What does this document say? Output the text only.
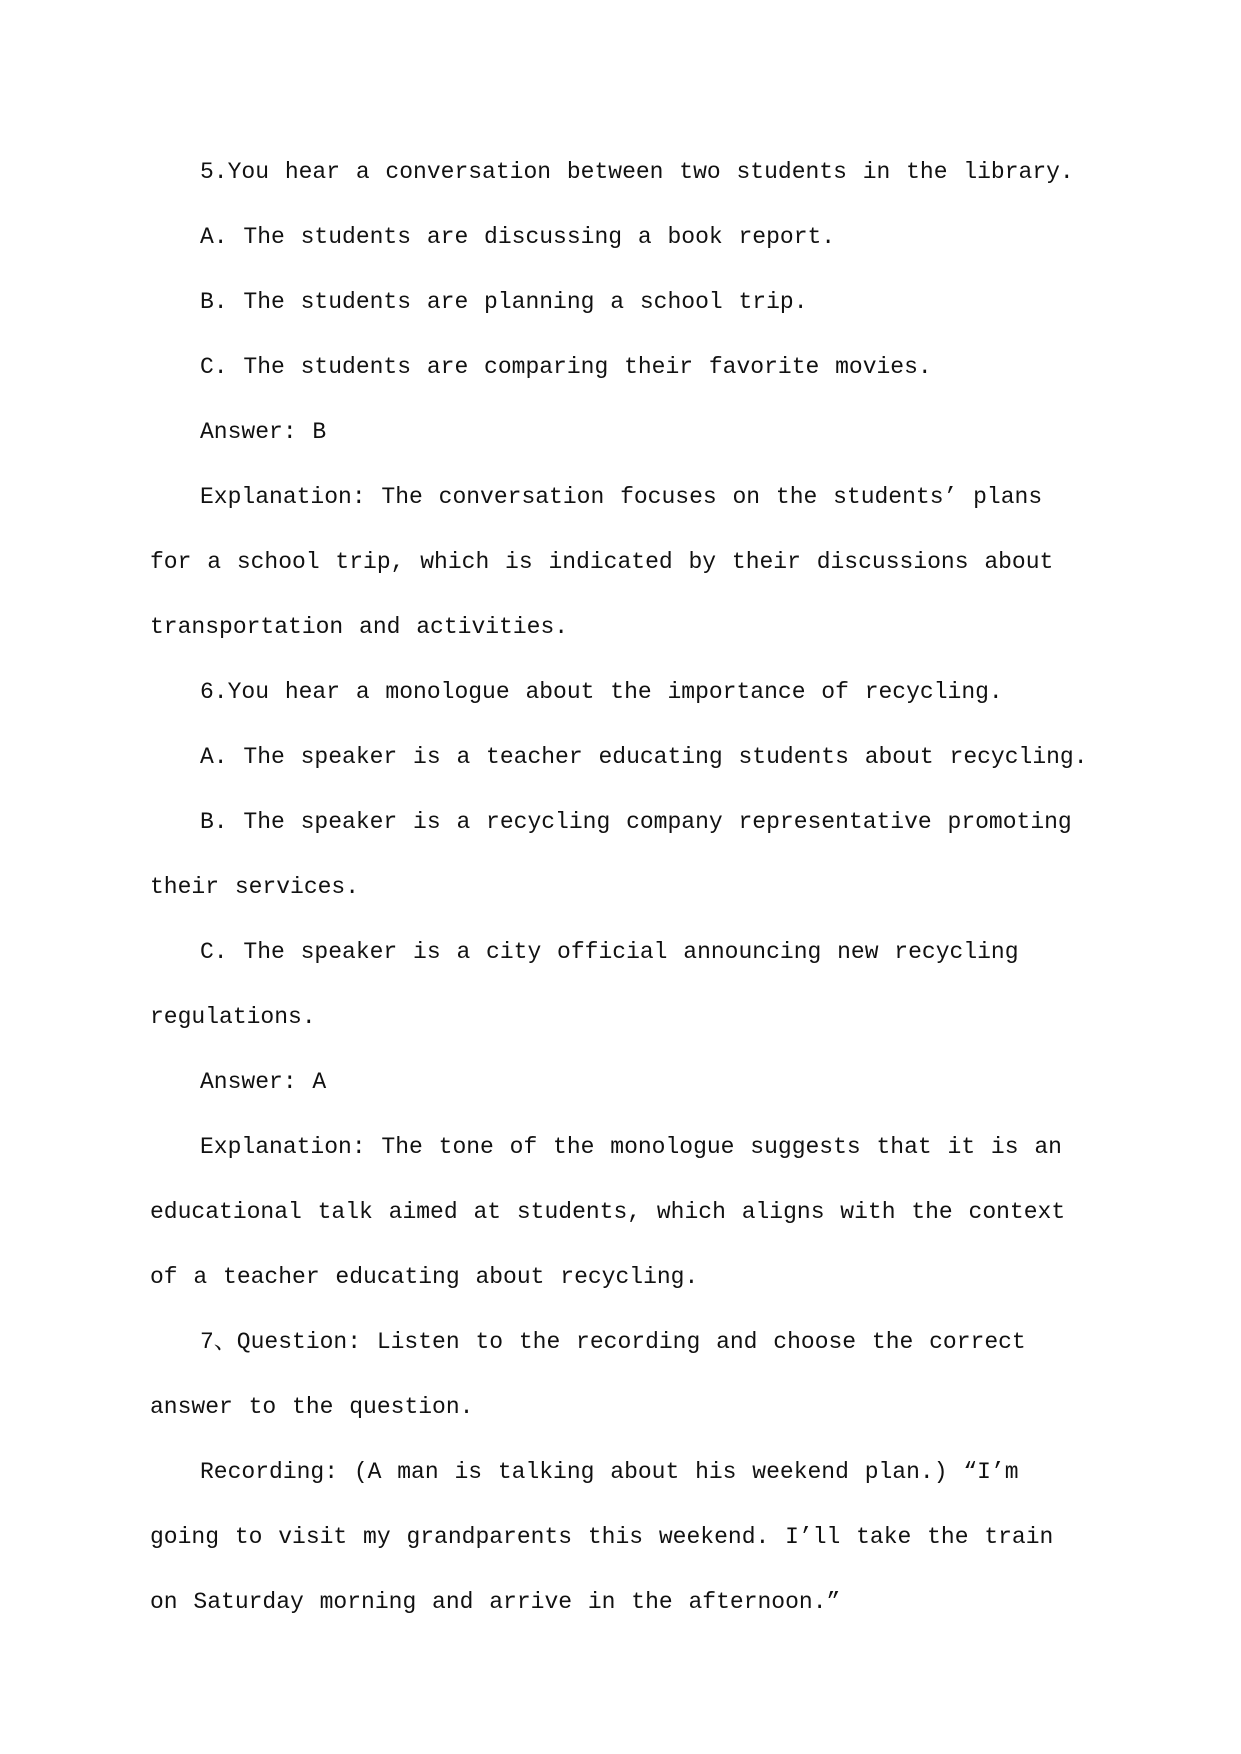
5.You hear a conversation between two students in the library.

A. The students are discussing a book report.

B. The students are planning a school trip.

C. The students are comparing their favorite movies.

Answer: B

Explanation: The conversation focuses on the students’ plans for a school trip, which is indicated by their discussions about transportation and activities.

6.You hear a monologue about the importance of recycling.

A. The speaker is a teacher educating students about recycling.

B. The speaker is a recycling company representative promoting their services.

C. The speaker is a city official announcing new recycling regulations.

Answer: A

Explanation: The tone of the monologue suggests that it is an educational talk aimed at students, which aligns with the context of a teacher educating about recycling.

7、Question: Listen to the recording and choose the correct answer to the question.

Recording: (A man is talking about his weekend plan.) “I’m going to visit my grandparents this weekend. I’ll take the train on Saturday morning and arrive in the afternoon.”
